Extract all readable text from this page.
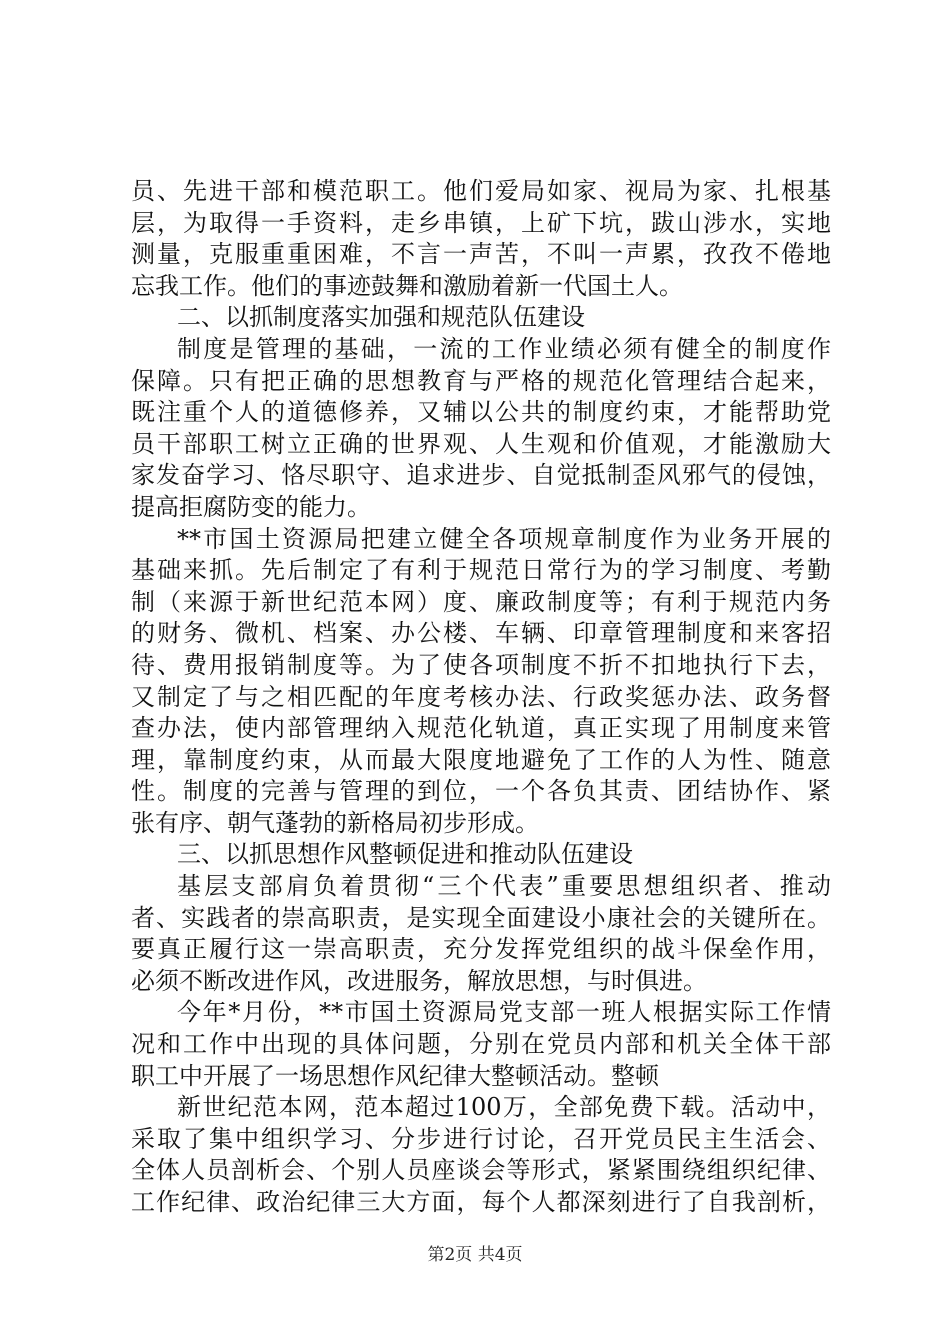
员、先进干部和模范职工。他们爱局如家、视局为家、扎根基
层，为取得一手资料，走乡串镇，上矿下坑，跋山涉水，实地
测量，克服重重困难，不言一声苦，不叫一声累，孜孜不倦地
忘我工作。他们的事迹鼓舞和激励着新一代国土人。
二、以抓制度落实加强和规范队伍建设
制度是管理的基础，一流的工作业绩必须有健全的制度作
保障。只有把正确的思想教育与严格的规范化管理结合起来，
既注重个人的道德修养，又辅以公共的制度约束，才能帮助党
员干部职工树立正确的世界观、人生观和价值观，才能激励大
家发奋学习、恪尽职守、追求进步、自觉抵制歪风邪气的侵蚀，
提高拒腐防变的能力。
**市国土资源局把建立健全各项规章制度作为业务开展的
基础来抓。先后制定了有利于规范日常行为的学习制度、考勤
制（来源于新世纪范本网）度、廉政制度等；有利于规范内务
的财务、微机、档案、办公楼、车辆、印章管理制度和来客招
待、费用报销制度等。为了使各项制度不折不扣地执行下去，
又制定了与之相匹配的年度考核办法、行政奖惩办法、政务督
查办法，使内部管理纳入规范化轨道，真正实现了用制度来管
理，靠制度约束，从而最大限度地避免了工作的人为性、随意
性。制度的完善与管理的到位，一个各负其责、团结协作、紧
张有序、朝气蓬勃的新格局初步形成。
三、以抓思想作风整顿促进和推动队伍建设
基层支部肩负着贯彻“三个代表”重要思想组织者、推动
者、实践者的崇高职责，是实现全面建设小康社会的关键所在。
要真正履行这一崇高职责，充分发挥党组织的战斗保垒作用，
必须不断改进作风，改进服务，解放思想，与时俱进。
今年*月份，**市国土资源局党支部一班人根据实际工作情
况和工作中出现的具体问题，分别在党员内部和机关全体干部
职工中开展了一场思想作风纪律大整顿活动。整顿
新世纪范本网，范本超过100万，全部免费下载。活动中，
采取了集中组织学习、分步进行讨论，召开党员民主生活会、
全体人员剖析会、个别人员座谈会等形式，紧紧围绕组织纪律、
工作纪律、政治纪律三大方面，每个人都深刻进行了自我剖析，
第2页 共4页
